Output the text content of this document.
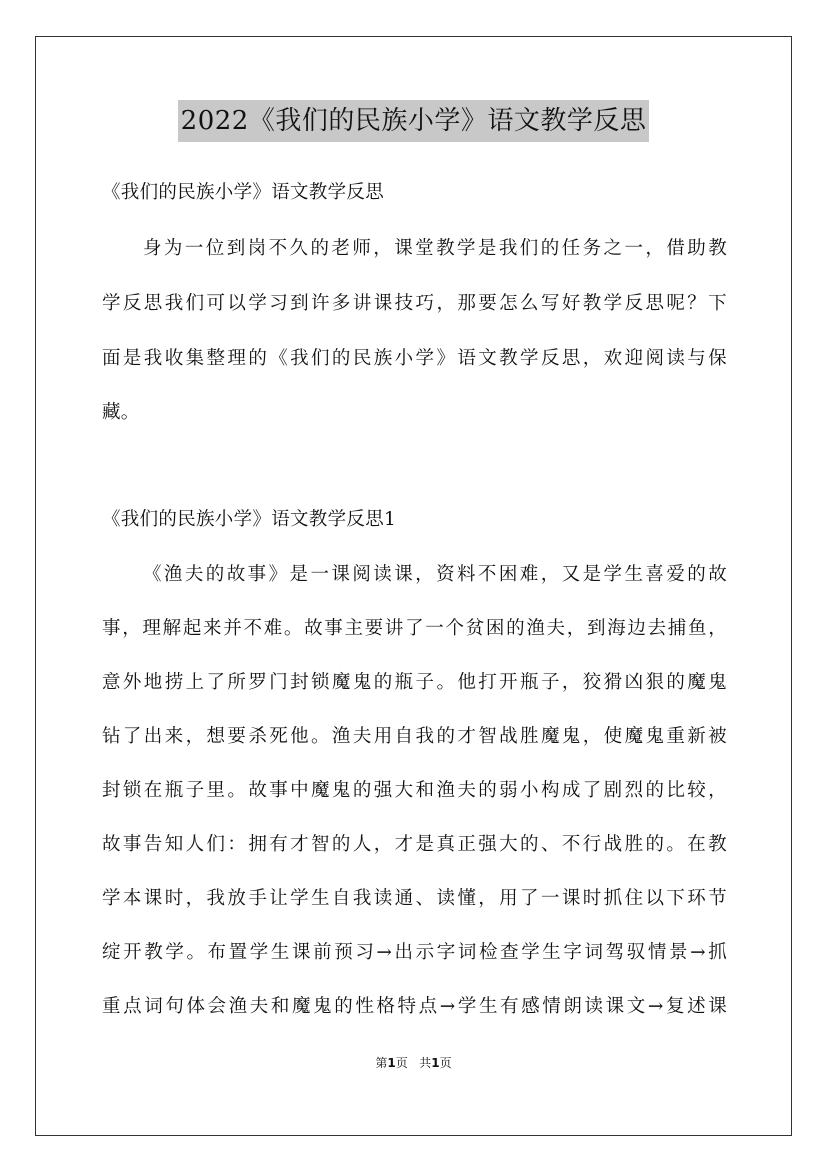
2022《我们的民族小学》语文教学反思
《我们的民族小学》语文教学反思
身为一位到岗不久的老师，课堂教学是我们的任务之一，借助教
学反思我们可以学习到许多讲课技巧，那要怎么写好教学反思呢？下
面是我收集整理的《我们的民族小学》语文教学反思，欢迎阅读与保
藏。
《我们的民族小学》语文教学反思1
《渔夫的故事》是一课阅读课，资料不困难，又是学生喜爱的故
事，理解起来并不难。故事主要讲了一个贫困的渔夫，到海边去捕鱼，
意外地捞上了所罗门封锁魔鬼的瓶子。他打开瓶子，狡猾凶狠的魔鬼
钻了出来，想要杀死他。渔夫用自我的才智战胜魔鬼，使魔鬼重新被
封锁在瓶子里。故事中魔鬼的强大和渔夫的弱小构成了剧烈的比较，
故事告知人们：拥有才智的人，才是真正强大的、不行战胜的。在教
学本课时，我放手让学生自我读通、读懂，用了一课时抓住以下环节
绽开教学。布置学生课前预习→出示字词检查学生字词驾驭情景→抓
重点词句体会渔夫和魔鬼的性格特点→学生有感情朗读课文→复述课
第1页 共1页
